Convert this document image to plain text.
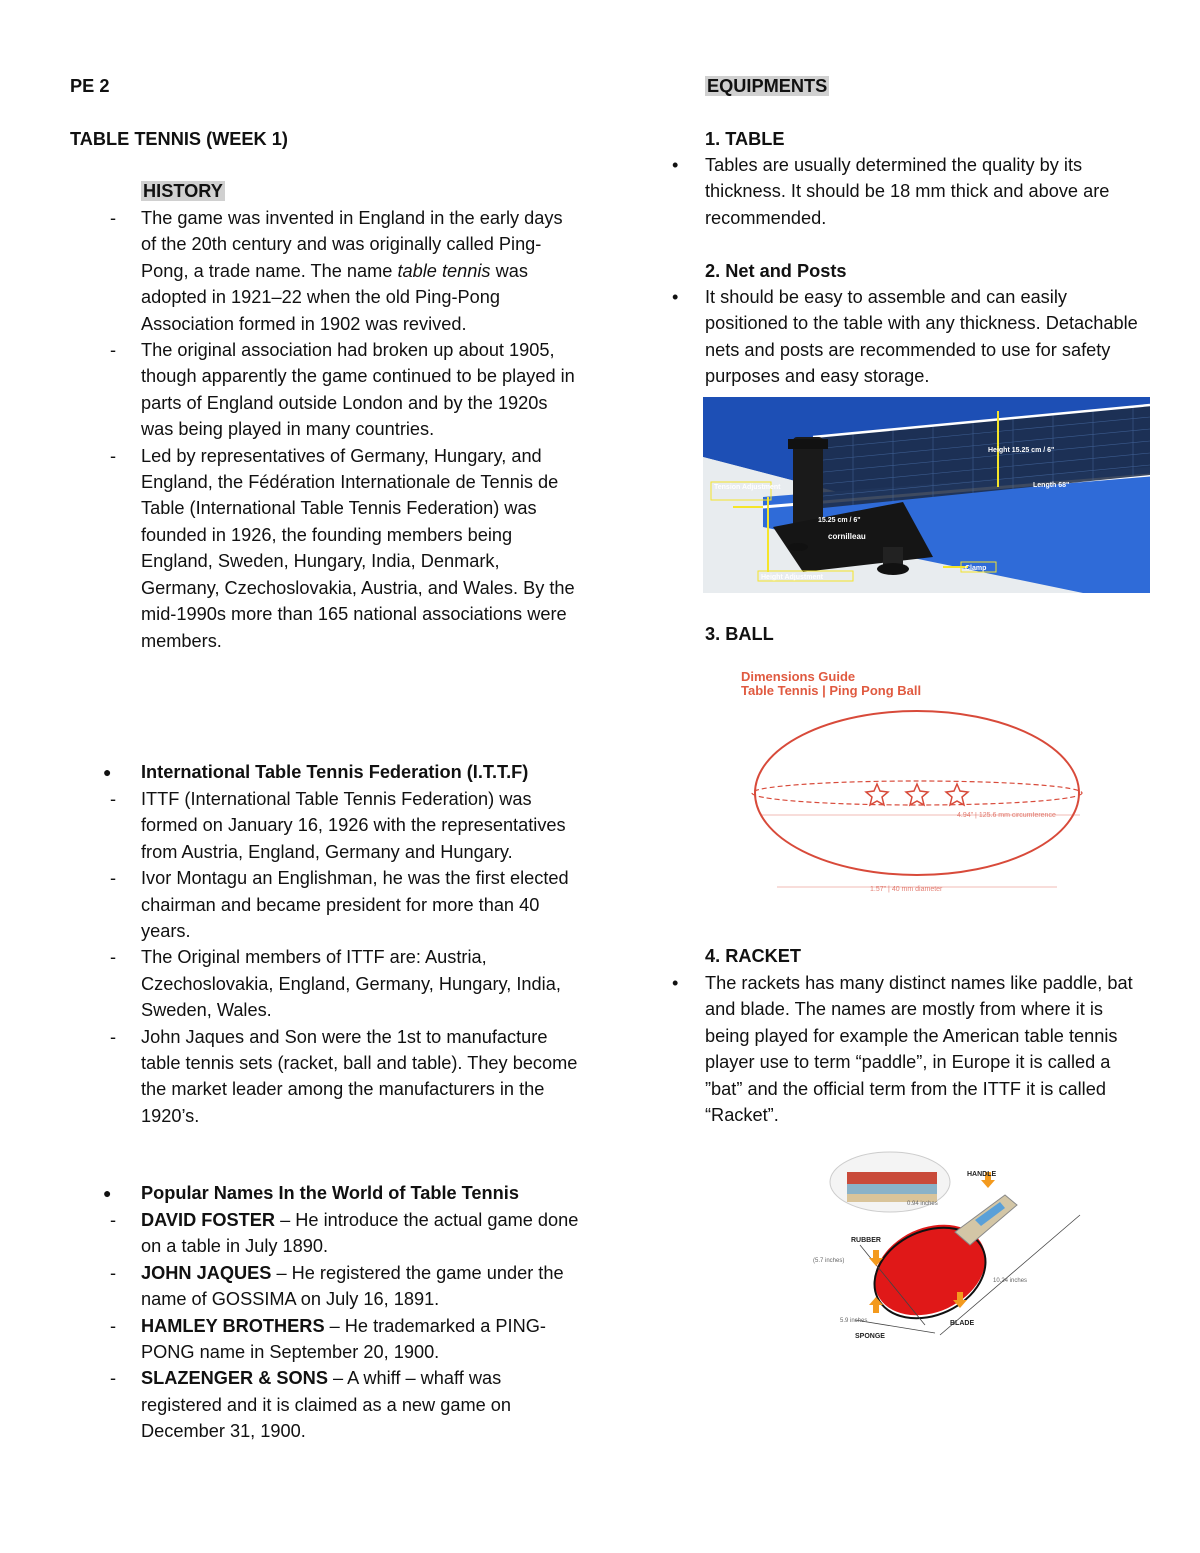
PE 2
TABLE TENNIS (WEEK 1)
HISTORY
- The game was invented in England in the early days of the 20th century and was originally called Ping-Pong, a trade name. The name table tennis was adopted in 1921–22 when the old Ping-Pong Association formed in 1902 was revived.
- The original association had broken up about 1905, though apparently the game continued to be played in parts of England outside London and by the 1920s was being played in many countries.
- Led by representatives of Germany, Hungary, and England, the Fédération Internationale de Tennis de Table (International Table Tennis Federation) was founded in 1926, the founding members being England, Sweden, Hungary, India, Denmark, Germany, Czechoslovakia, Austria, and Wales. By the mid-1990s more than 165 national associations were members.
● International Table Tennis Federation (I.T.T.F)
- ITTF (International Table Tennis Federation) was formed on January 16, 1926 with the representatives from Austria, England, Germany and Hungary.
- Ivor Montagu an Englishman, he was the first elected chairman and became president for more than 40 years.
- The Original members of ITTF are: Austria, Czechoslovakia, England, Germany, Hungary, India, Sweden, Wales.
- John Jaques and Son were the 1st to manufacture table tennis sets (racket, ball and table). They become the market leader among the manufacturers in the 1920’s.
● Popular Names In the World of Table Tennis
- DAVID FOSTER – He introduce the actual game done on a table in July 1890.
- JOHN JAQUES – He registered the game under the name of GOSSIMA on July 16, 1891.
- HAMLEY BROTHERS – He trademarked a PING-PONG name in September 20, 1900.
- SLAZENGER & SONS – A whiff – whaff was registered and it is claimed as a new game on December 31, 1900.
EQUIPMENTS
1. TABLE
• Tables are usually determined the quality by its thickness. It should be 18 mm thick and above are recommended.
2. Net and Posts
• It should be easy to assemble and can easily positioned to the table with any thickness. Detachable nets and posts are recommended to use for safety purposes and easy storage.
3. BALL
4. RACKET
• The rackets has many distinct names like paddle, bat and blade. The names are mostly from where it is being played for example the American table tennis player use to term “paddle”, in Europe it is called a ”bat” and the official term from the ITTF it is called “Racket”.
Tension Adjustment
Height Adjustment
Clamp
Length 68"
Height 15.25 cm / 6"
15.25 cm / 6"
cornilleau
Dimensions Guide
Table Tennis | Ping Pong Ball
4.94" | 125.6 mm circumference
1.57" | 40 mm diameter
HANDLE
RUBBER
SPONGE
BLADE
0.94 inches
(5.7 inches)
10.24 inches
5.9 inches
